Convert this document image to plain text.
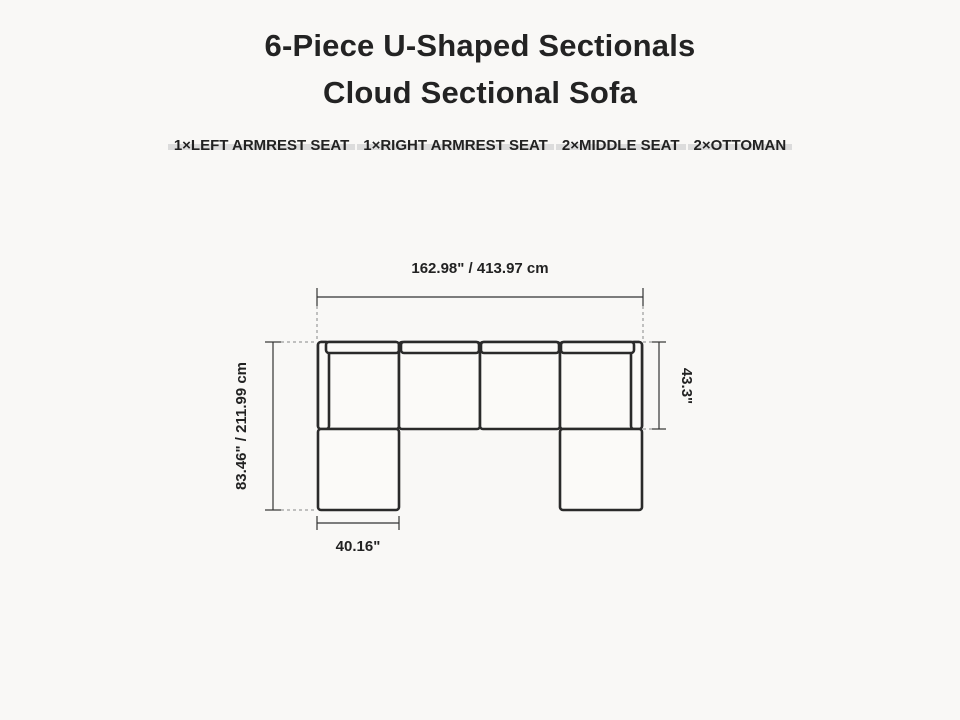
6-Piece U-Shaped Sectionals
Cloud Sectional Sofa
1×LEFT ARMREST SEAT 1×RIGHT ARMREST SEAT 2×MIDDLE SEAT 2×OTTOMAN
162.98" / 413.97 cm
83.46" / 211.99 cm	43.3"
40.16"
